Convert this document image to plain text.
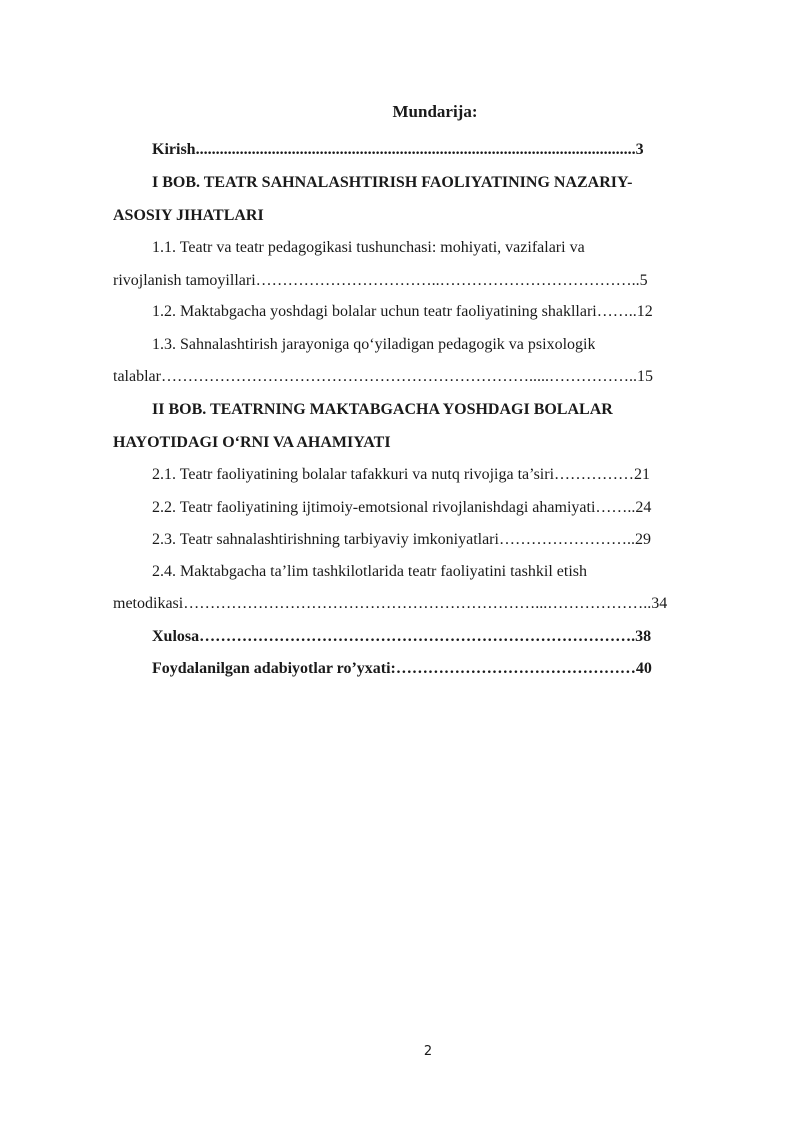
Mundarija:
Kirish..............................................................................................................3
I BOB. TEATR SAHNALASHTIRISH FAOLIYATINING NAZARIY-
ASOSIY JIHATLARI
1.1. Teatr va teatr pedagogikasi tushunchasi: mohiyati, vazifalari va
rivojlanish tamoyillari……………………………..………………………………..5
1.2. Maktabgacha yoshdagi bolalar uchun teatr faoliyatining shakllari……..12
1.3. Sahnalashtirish jarayoniga qo‘yiladigan pedagogik va psixologik
talablar…………………………………………………………….....……………..15
II BOB. TEATRNING MAKTABGACHA YOSHDAGI BOLALAR
HAYOTIDAGI O‘RNI VA AHAMIYATI
2.1. Teatr faoliyatining bolalar tafakkuri va nutq rivojiga ta’siri……………21
2.2. Teatr faoliyatining ijtimoiy-emotsional rivojlanishdagi ahamiyati……..24
2.3. Teatr sahnalashtirishning tarbiyaviy imkoniyatlari……………………..29
2.4. Maktabgacha ta’lim tashkilotlarida teatr faoliyatini tashkil etish
metodikasi…………………………………………………………...………………..34
Xulosa……………………………………………………………………….38
Foydalanilgan adabiyotlar ro’yxati:………………………………………40
2
